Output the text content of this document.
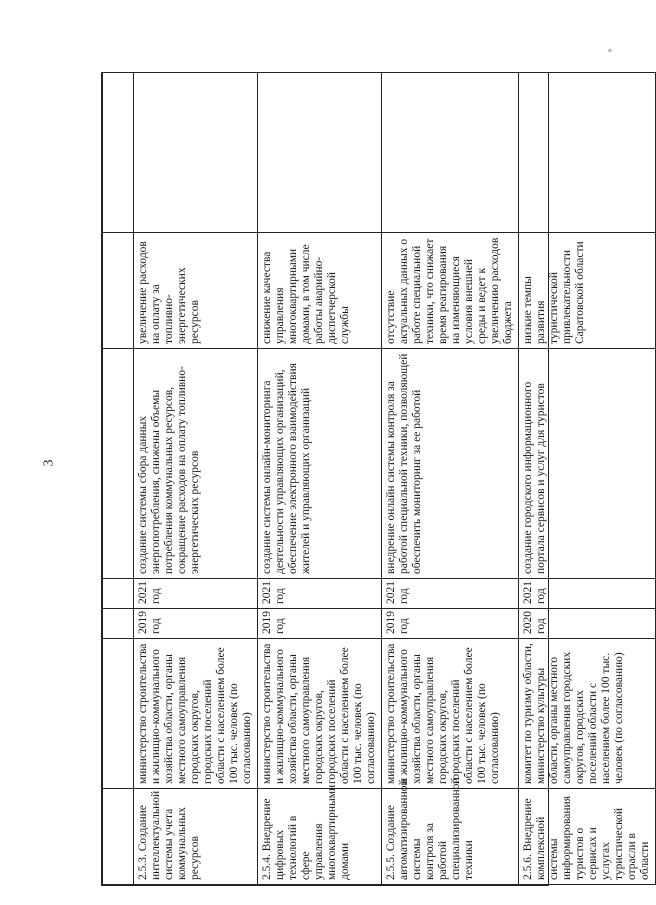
3
°

2.5.3. Создание интеллектуальной системы учета коммунальных ресурсов	министерство строительства и жилищно-коммунального хозяйства области, органы местного самоуправления городских округов, городских поселений области с населением более 100 тыс. человек (по согласованию)	2019 год	2021 год	создание системы сбора данных энергопотребления, снижены объемы потребления коммунальных ресурсов, сокращение расходов на оплату топливно-энергетических ресурсов	увеличение расходов на оплату за топливно-энергетических ресурсов	
2.5.4. Внедрение цифровых технологий в сфере управления многоквартирными домами	министерство строительства и жилищно-коммунального хозяйства области, органы местного самоуправления городских округов, городских поселений области с населением более 100 тыс. человек (по согласованию)	2019 год	2021 год	создание системы онлайн-мониторинга деятельности управляющих организаций, обеспечение электронного взаимодействия жителей и управляющих организаций	снижение качества управления многоквартирными домами, в том числе работы аварийно-диспетчерской службы	
2.5.5. Создание автоматизированной системы контроля за работой специализированной техники	министерство строительства и жилищно-коммунального хозяйства области, органы местного самоуправления городских округов, городских поселений области с населением более 100 тыс. человек (по согласованию)	2019 год	2021 год	внедрение онлайн системы контроля за работой специальной техники, позволяющей обеспечить мониторинг за ее работой	отсутствие актуальных данных о работе специальной техники, что снижает время реагирования на изменяющиеся условия внешней среды и ведет к увеличению расходов бюджета	
2.5.6. Внедрение комплексной системы информирования туристов о сервисах и услугах туристической отрасли в области	комитет по туризму области, министерство культуры области, органы местного самоуправления городских округов, городских поселений области с населением более 100 тыс. человек (по согласованию)	2020 год	2021 год	создание городского информационного портала сервисов и услуг для туристов	низкие темпы развития туристической привлекательности Саратовской области	
